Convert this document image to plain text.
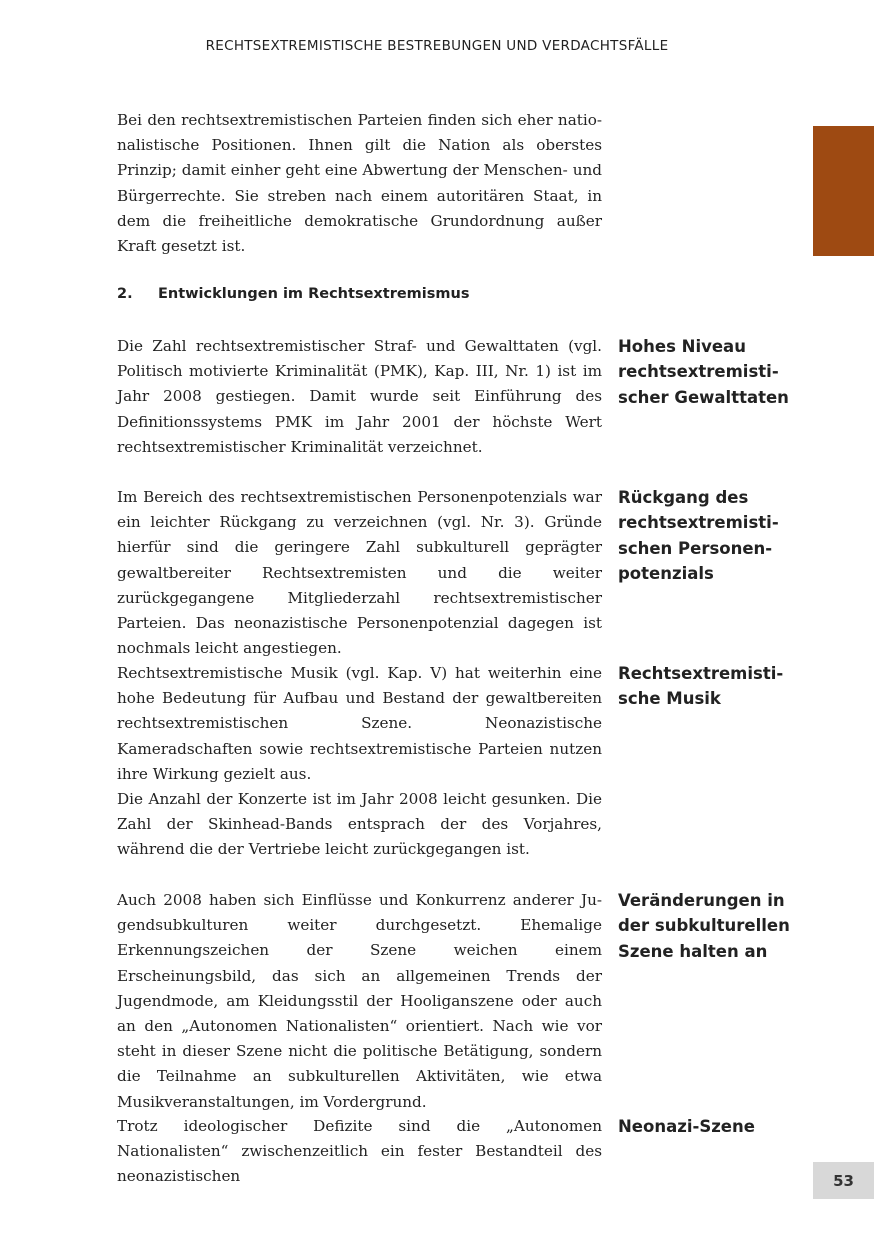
RECHTSEXTREMISTISCHE BESTREBUNGEN UND VERDACHTSFÄLLE

Bei den rechtsextremistischen Parteien finden sich eher nationalistische Positionen. Ihnen gilt die Nation als oberstes Prinzip; damit einher geht eine Abwertung der Menschen- und Bürgerrechte. Sie streben nach einem autoritären Staat, in dem die freiheitliche demokratische Grundordnung außer Kraft gesetzt ist.

2. Entwicklungen im Rechtsextremismus

Die Zahl rechtsextremistischer Straf- und Gewalttaten (vgl. Politisch motivierte Kriminalität (PMK), Kap. III, Nr. 1) ist im Jahr 2008 gestiegen. Damit wurde seit Einführung des Definitionssystems PMK im Jahr 2001 der höchste Wert rechtsextremistischer Kriminalität verzeichnet.

Hohes Niveau rechtsextremistischer Gewalttaten

Im Bereich des rechtsextremistischen Personenpotenzials war ein leichter Rückgang zu verzeichnen (vgl. Nr. 3). Gründe hierfür sind die geringere Zahl subkulturell geprägter gewaltbereiter Rechtsextremisten und die weiter zurückgegangene Mitgliederzahl rechtsextremistischer Parteien. Das neonazistische Personenpotenzial dagegen ist nochmals leicht angestiegen.

Rückgang des rechtsextremistischen Personenpotenzials

Rechtsextremistische Musik (vgl. Kap. V) hat weiterhin eine hohe Bedeutung für Aufbau und Bestand der gewaltbereiten rechtsextremistischen Szene. Neonazistische Kameradschaften sowie rechtsextremistische Parteien nutzen ihre Wirkung gezielt aus.

Rechtsextremistische Musik

Die Anzahl der Konzerte ist im Jahr 2008 leicht gesunken. Die Zahl der Skinhead-Bands entsprach der des Vorjahres, während die der Vertriebe leicht zurückgegangen ist.

Auch 2008 haben sich Einflüsse und Konkurrenz anderer Jugendsubkulturen weiter durchgesetzt. Ehemalige Erkennungszeichen der Szene weichen einem Erscheinungsbild, das sich an allgemeinen Trends der Jugendmode, am Kleidungsstil der Hooliganszene oder auch an den „Autonomen Nationalisten“ orientiert. Nach wie vor steht in dieser Szene nicht die politische Betätigung, sondern die Teilnahme an subkulturellen Aktivitäten, wie etwa Musikveranstaltungen, im Vordergrund.

Veränderungen in der subkulturellen Szene halten an

Trotz ideologischer Defizite sind die „Autonomen Nationalisten“ zwischenzeitlich ein fester Bestandteil des neonazistischen

Neonazi-Szene

53
